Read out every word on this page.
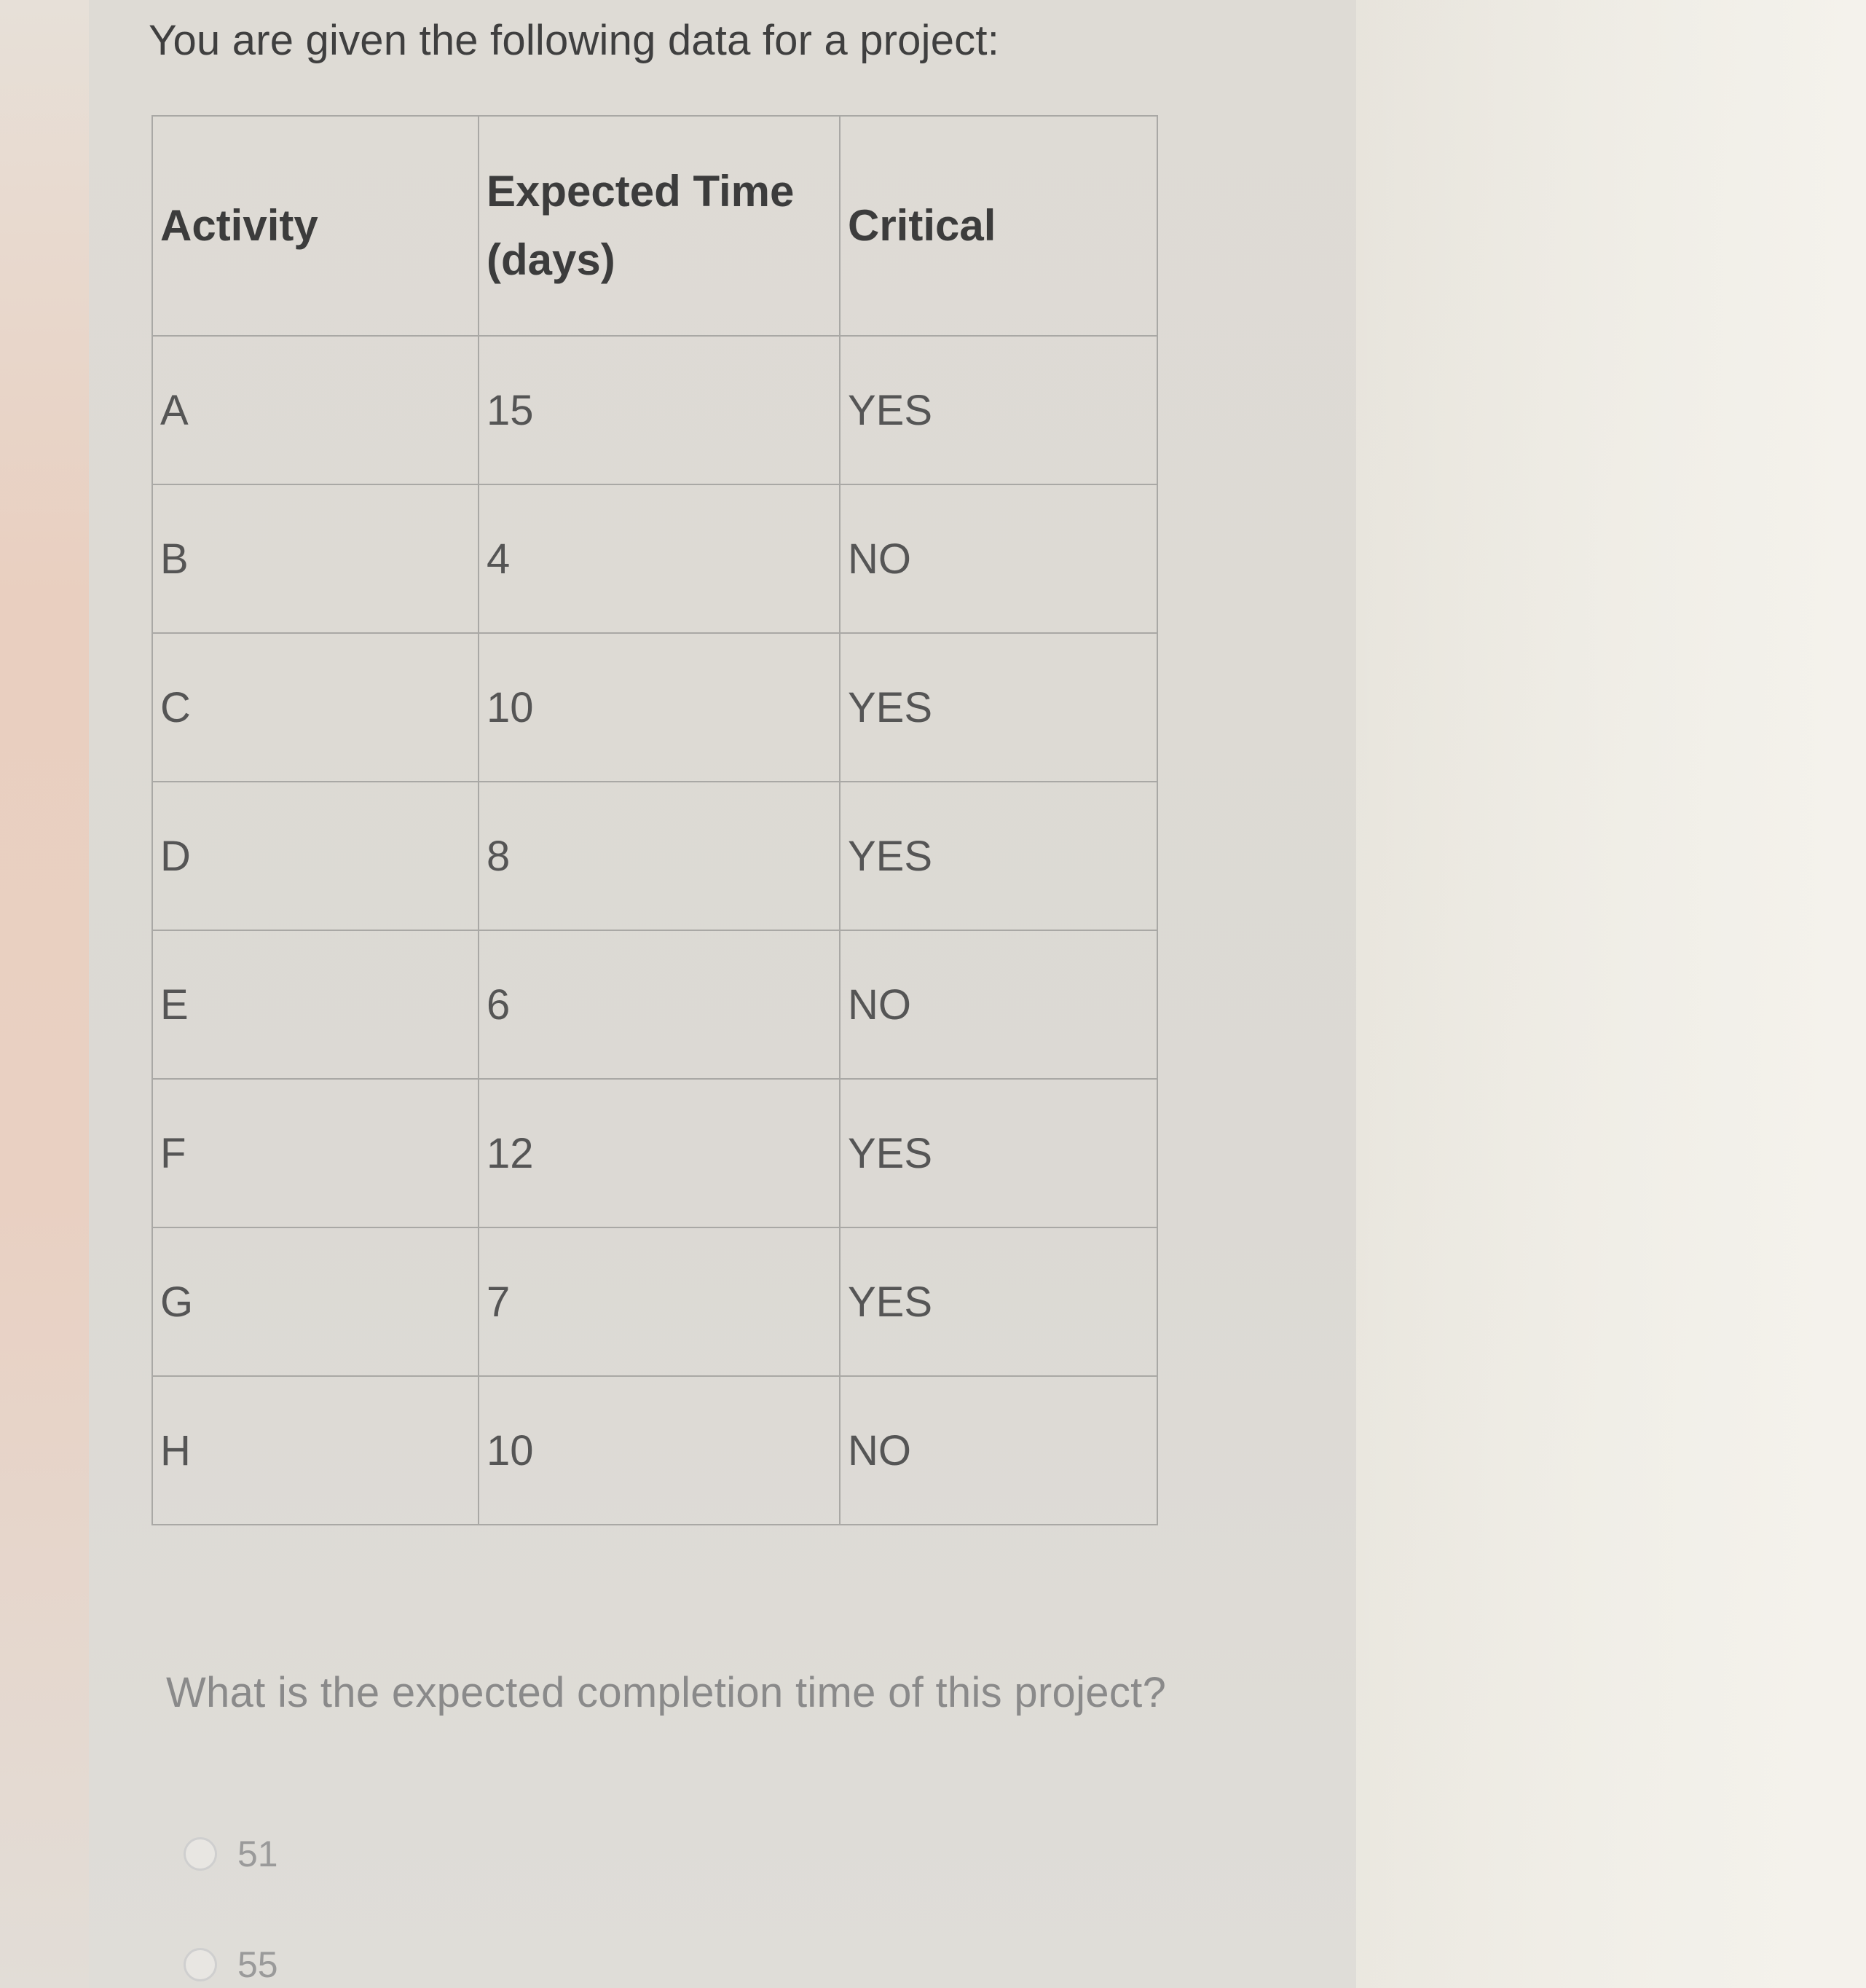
You are given the following data for a project:
Activity	Expected Time (days)	Critical
A	15	YES
B	4	NO
C	10	YES
D	8	YES
E	6	NO
F	12	YES
G	7	YES
H	10	NO
What is the expected completion time of this project?
51
55
